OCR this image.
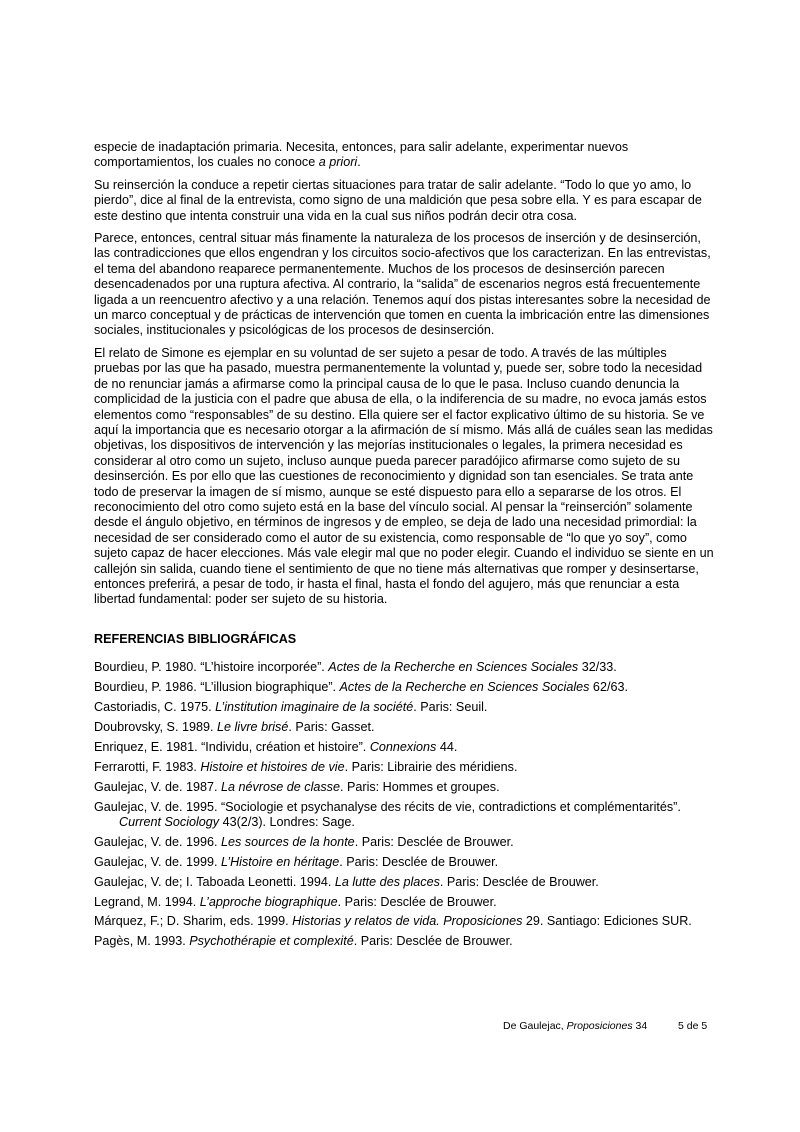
especie de inadaptación primaria. Necesita, entonces, para salir adelante, experimentar nuevos comportamientos, los cuales no conoce a priori.

Su reinserción la conduce a repetir ciertas situaciones para tratar de salir adelante. “Todo lo que yo amo, lo pierdo”, dice al final de la entrevista, como signo de una maldición que pesa sobre ella. Y es para escapar de este destino que intenta construir una vida en la cual sus niños podrán decir otra cosa.

Parece, entonces, central situar más finamente la naturaleza de los procesos de inserción y de desinserción, las contradicciones que ellos engendran y los circuitos socio-afectivos que los caracterizan. En las entrevistas, el tema del abandono reaparece permanentemente. Muchos de los procesos de desinserción parecen desencadenados por una ruptura afectiva. Al contrario, la “salida” de escenarios negros está frecuentemente ligada a un reencuentro afectivo y a una relación. Tenemos aquí dos pistas interesantes sobre la necesidad de un marco conceptual y de prácticas de intervención que tomen en cuenta la imbricación entre las dimensiones sociales, institucionales y psicológicas de los procesos de desinserción.

El relato de Simone es ejemplar en su voluntad de ser sujeto a pesar de todo. A través de las múltiples pruebas por las que ha pasado, muestra permanentemente la voluntad y, puede ser, sobre todo la necesidad de no renunciar jamás a afirmarse como la principal causa de lo que le pasa. Incluso cuando denuncia la complicidad de la justicia con el padre que abusa de ella, o la indiferencia de su madre, no evoca jamás estos elementos como “responsables” de su destino. Ella quiere ser el factor explicativo último de su historia. Se ve aquí la importancia que es necesario otorgar a la afirmación de sí mismo. Más allá de cuáles sean las medidas objetivas, los dispositivos de intervención y las mejorías institucionales o legales, la primera necesidad es considerar al otro como un sujeto, incluso aunque pueda parecer paradójico afirmarse como sujeto de su desinserción. Es por ello que las cuestiones de reconocimiento y dignidad son tan esenciales. Se trata ante todo de preservar la imagen de sí mismo, aunque se esté dispuesto para ello a separarse de los otros. El reconocimiento del otro como sujeto está en la base del vínculo social. Al pensar la “reinserción” solamente desde el ángulo objetivo, en términos de ingresos y de empleo, se deja de lado una necesidad primordial: la necesidad de ser considerado como el autor de su existencia, como responsable de “lo que yo soy”, como sujeto capaz de hacer elecciones. Más vale elegir mal que no poder elegir. Cuando el individuo se siente en un callejón sin salida, cuando tiene el sentimiento de que no tiene más alternativas que romper y desinsertarse, entonces preferirá, a pesar de todo, ir hasta el final, hasta el fondo del agujero, más que renunciar a esta libertad fundamental: poder ser sujeto de su historia.

REFERENCIAS BIBLIOGRÁFICAS
Bourdieu, P. 1980. “L’histoire incorporée”. Actes de la Recherche en Sciences Sociales 32/33.
Bourdieu, P. 1986. “L’illusion biographique”. Actes de la Recherche en Sciences Sociales 62/63.
Castoriadis, C. 1975. L’institution imaginaire de la société. Paris: Seuil.
Doubrovsky, S. 1989. Le livre brisé. Paris: Gasset.
Enriquez, E. 1981. “Individu, création et histoire”. Connexions 44.
Ferrarotti, F. 1983. Histoire et histoires de vie. Paris: Librairie des méridiens.
Gaulejac, V. de. 1987. La névrose de classe. Paris: Hommes et groupes.
Gaulejac, V. de. 1995. “Sociologie et psychanalyse des récits de vie, contradictions et complémentarités”. Current Sociology 43(2/3). Londres: Sage.
Gaulejac, V. de. 1996. Les sources de la honte. Paris: Desclée de Brouwer.
Gaulejac, V. de. 1999. L’Histoire en héritage. Paris: Desclée de Brouwer.
Gaulejac, V. de; I. Taboada Leonetti. 1994. La lutte des places. Paris: Desclée de Brouwer.
Legrand, M. 1994. L’approche biographique. Paris: Desclée de Brouwer.
Márquez, F.; D. Sharim, eds. 1999. Historias y relatos de vida. Proposiciones 29. Santiago: Ediciones SUR.
Pagès, M. 1993. Psychothérapie et complexité. Paris: Desclée de Brouwer.
De Gaulejac, Proposiciones 34	5 de 5
